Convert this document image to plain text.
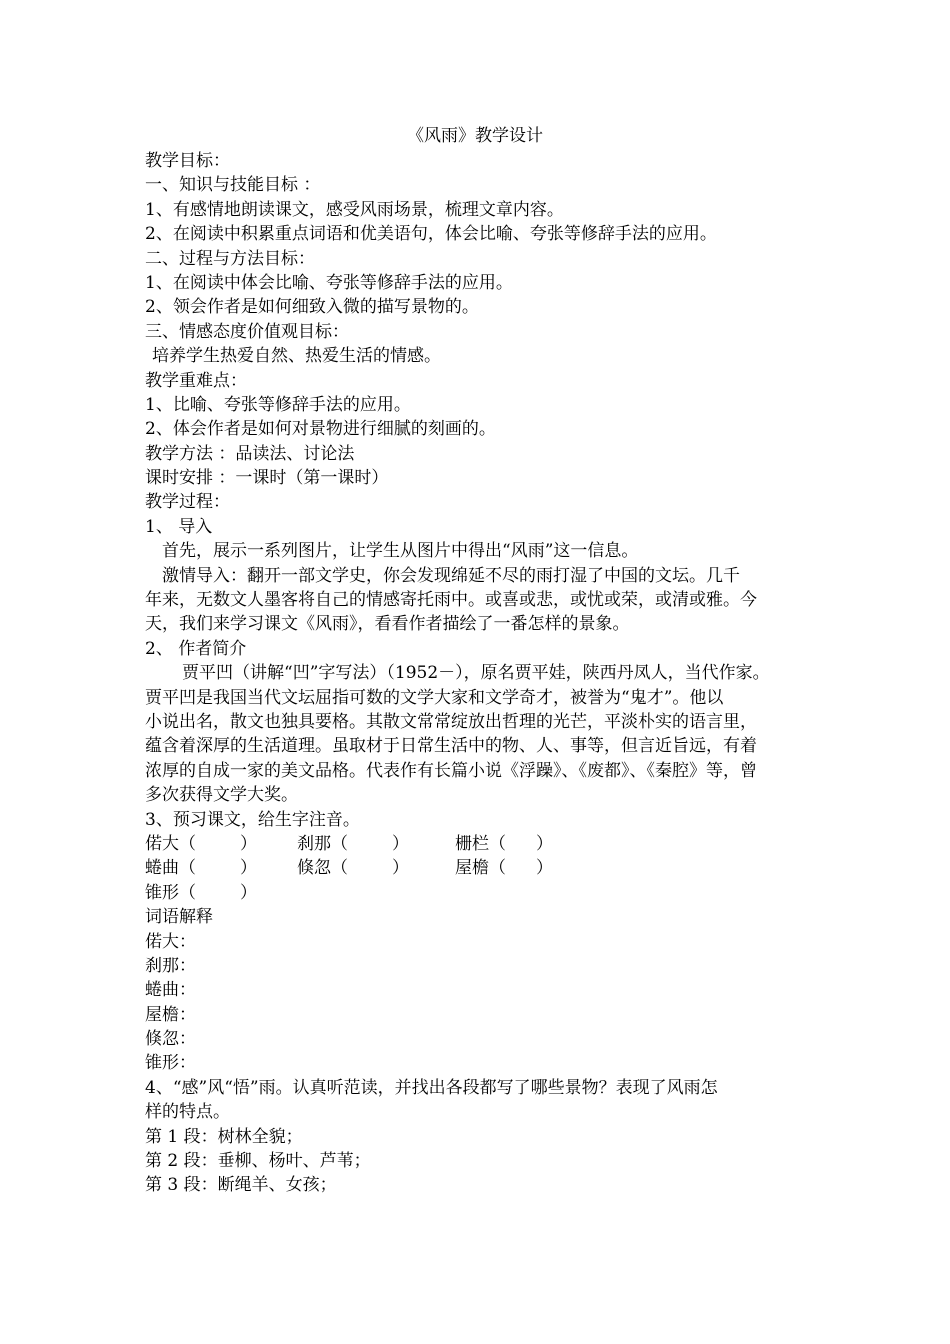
《风雨》教学设计
教学目标：
一、知识与技能目标 ：
1、有感情地朗读课文，感受风雨场景，梳理文章内容。
2、在阅读中积累重点词语和优美语句，体会比喻、夸张等修辞手法的应用。
二、过程与方法目标：
1、在阅读中体会比喻、夸张等修辞手法的应用。
2、领会作者是如何细致入微的描写景物的。
三、情感态度价值观目标：
培养学生热爱自然、热爱生活的情感。
教学重难点：
1、比喻、夸张等修辞手法的应用。
2、体会作者是如何对景物进行细腻的刻画的。
教学方法 ：品读法、讨论法
课时安排 ：一课时（第一课时）
教学过程：
1、 导入
首先，展示一系列图片，让学生从图片中得出“风雨”这一信息。
激情导入：翻开一部文学史，你会发现绵延不尽的雨打湿了中国的文坛。几千
年来，无数文人墨客将自己的情感寄托雨中。或喜或悲，或忧或荣，或清或雅。今
天，我们来学习课文《风雨》，看看作者描绘了一番怎样的景象。
2、 作者简介
贾平凹（讲解“凹”字写法）（1952－），原名贾平娃，陕西丹凤人，当代作家。
贾平凹是我国当代文坛屈指可数的文学大家和文学奇才，被誉为“鬼才”。他以
小说出名，散文也独具要格。其散文常常绽放出哲理的光芒，平淡朴实的语言里，
蕴含着深厚的生活道理。虽取材于日常生活中的物、人、事等，但言近旨远，有着
浓厚的自成一家的美文品格。代表作有长篇小说《浮躁》、《废都》、《秦腔》等，曾
多次获得文学大奖。
3、预习课文，给生字注音。
偌大（	）	刹那（	）	栅栏（ ）
蜷曲（	）	倏忽（	）	屋檐（ ）
锥形（	）
词语解释
偌大：
刹那：
蜷曲：
屋檐：
倏忽：
锥形：
4、“感”风“悟”雨。认真听范读，并找出各段都写了哪些景物？表现了风雨怎
样的特点。
第 1 段：树林全貌；
第 2 段：垂柳、杨叶、芦苇；
第 3 段：断绳羊、女孩；
